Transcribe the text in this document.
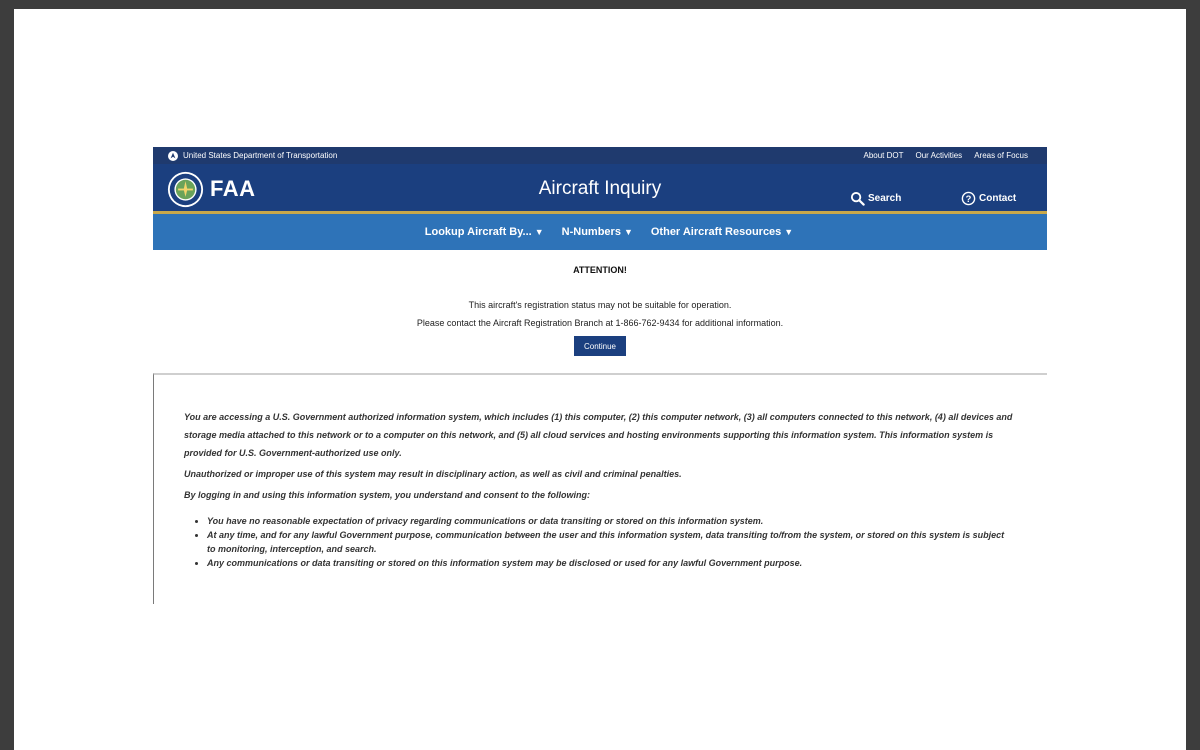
United States Department of Transportation	About DOT Our Activities Areas of Focus
FAA	Aircraft Inquiry	Search	? Contact
Lookup Aircraft By... ▼ N-Numbers ▼ Other Aircraft Resources ▼
ATTENTION!
This aircraft's registration status may not be suitable for operation.
Please contact the Aircraft Registration Branch at 1-866-762-9434 for additional information.
Continue

You are accessing a U.S. Government authorized information system, which includes (1) this computer, (2) this computer network, (3) all computers connected to this network, (4) all devices and storage media attached to this network or to a computer on this network, and (5) all cloud services and hosting environments supporting this information system. This information system is provided for U.S. Government-authorized use only.

Unauthorized or improper use of this system may result in disciplinary action, as well as civil and criminal penalties.

By logging in and using this information system, you understand and consent to the following:

• You have no reasonable expectation of privacy regarding communications or data transiting or stored on this information system.
• At any time, and for any lawful Government purpose, communication between the user and this information system, data transiting to/from the system, or stored on this system is subject to monitoring, interception, and search.
• Any communications or data transiting or stored on this information system may be disclosed or used for any lawful Government purpose.
